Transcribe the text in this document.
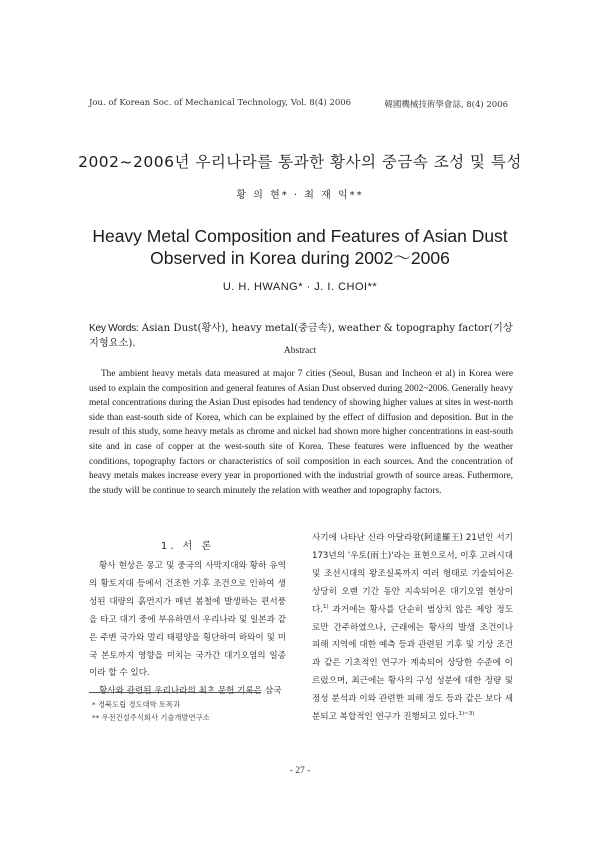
Jou. of Korean Soc. of Mechanical Technology, Vol. 8(4) 2006	韓國機械技術學會誌, 8(4) 2006
2002~2006년 우리나라를 통과한 황사의 중금속 조성 및 특성
황 의 현* · 최 재 익**
Heavy Metal Composition and Features of Asian Dust
Observed in Korea during 2002～2006
U. H. HWANG* · J. I. CHOI**
Key Words: Asian Dust(황사), heavy metal(중금속), weather & topography factor(기상지형요소).
Abstract
The ambient heavy metals data measured at major 7 cities (Seoul, Busan and Incheon et al) in Korea were used to explain the composition and general features of Asian Dust observed during 2002~2006. Generally heavy metal concentrations during the Asian Dust episodes had tendency of showing higher values at sites in west-north side than east-south side of Korea, which can be explained by the effect of diffusion and deposition. But in the result of this study, some heavy metals as chrome and nickel had shown more higher concentrations in east-south site and in case of copper at the west-south site of Korea. These features were influenced by the weather conditions, topography factors or characteristics of soil composition in each sources. And the concentration of heavy metals makes increase every year in proportioned with the industrial growth of source areas. Futhermore, the study will be continue to search minutely the relation with weather and topography factors.
1. 서 론

황사 현상은 몽고 및 중국의 사막지대와 황하 유역의 황토지대 등에서 건조한 기후 조건으로 인하여 생성된 대량의 흙먼지가 매년 봄철에 발생하는 편서풍을 타고 대기 중에 부유하면서 우리나라 및 일본과 같은 주변 국가와 멀리 태평양을 횡단하여 하와이 및 미국 본토까지 영향을 미치는 국가간 대기오염의 일종이라 할 수 있다.

황사와 관련된 우리나라의 최초 문헌 기록은 삼국

사기에 나타난 신라 아달라왕(阿達羅王) 21년인 서기 173년의 '우토(雨土)'라는 표현으로서, 이후 고려시대 및 조선시대의 왕조실록까지 여러 형태로 기술되어온 상당히 오랜 기간 동안 지속되어온 대기오염 현상이다.$^{1)}$ 과거에는 황사를 단순히 범상치 않은 제앙 정도로만 간주하였으나, 근래에는 황사의 발생 조건이나 피해 지역에 대한 예측 등과 관련된 기후 및 기상 조건과 같은 기초적인 연구가 계속되어 상당한 수준에 이르렀으며, 최근에는 황사의 구성 성분에 대한 정량 및 정성 분석과 이와 관련한 피해 정도 등과 같은 보다 세분되고 복합적인 연구가 진행되고 있다.$^{1)\sim 3)}$

* 경북도립 경도대학 토목과
** 우전건설주식회사 기술개발연구소
- 27 -
